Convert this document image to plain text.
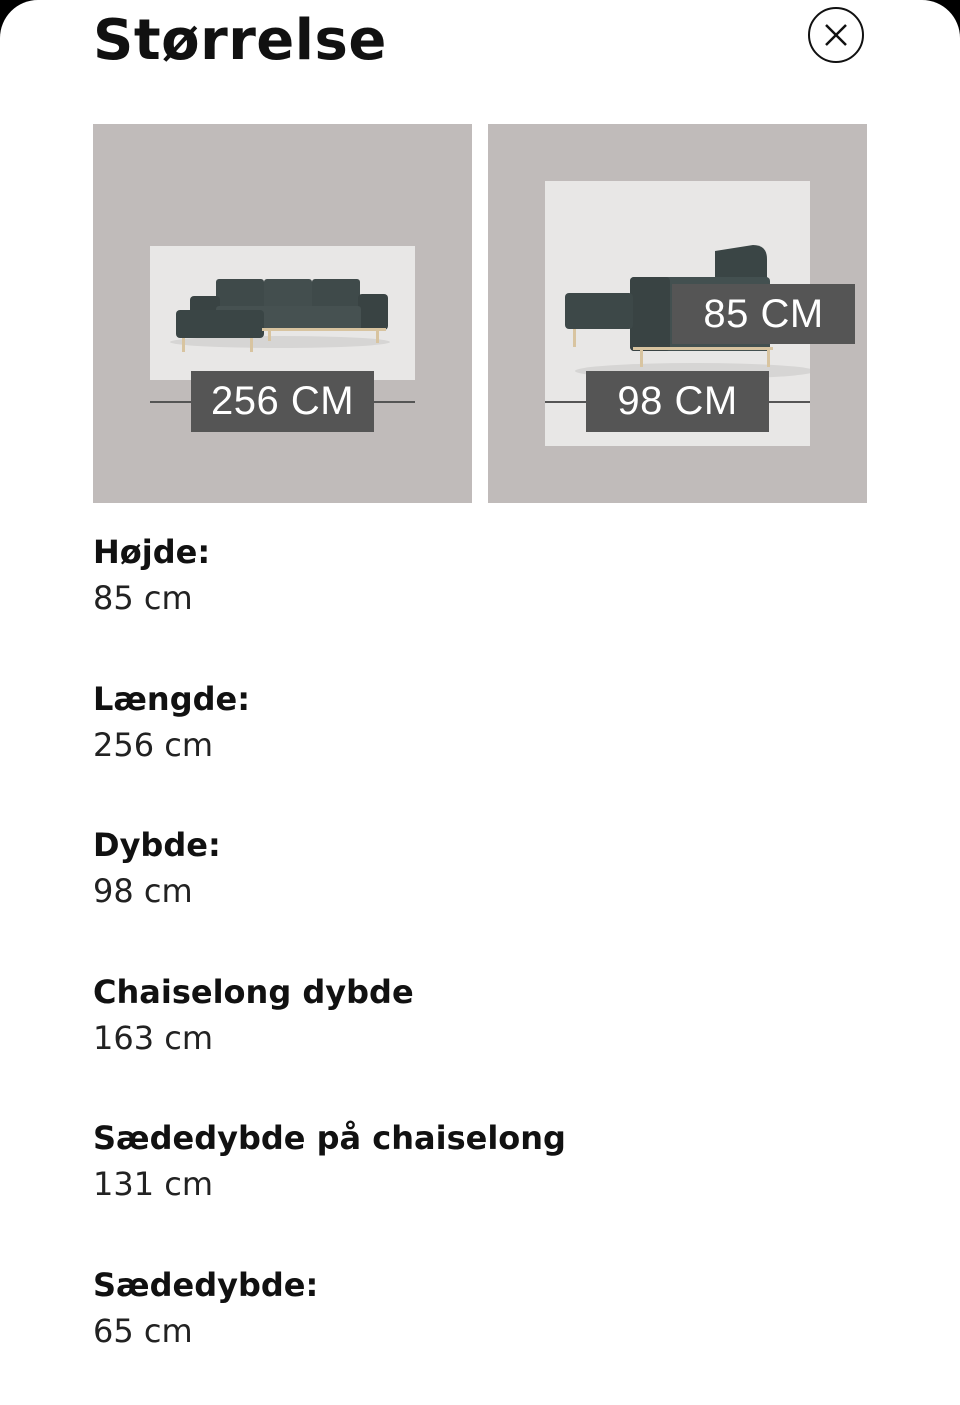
Størrelse
256 CM
85 CM
98 CM
Højde:
85 cm
Længde:
256 cm
Dybde:
98 cm
Chaiselong dybde
163 cm
Sædedybde på chaiselong
131 cm
Sædedybde:
65 cm
